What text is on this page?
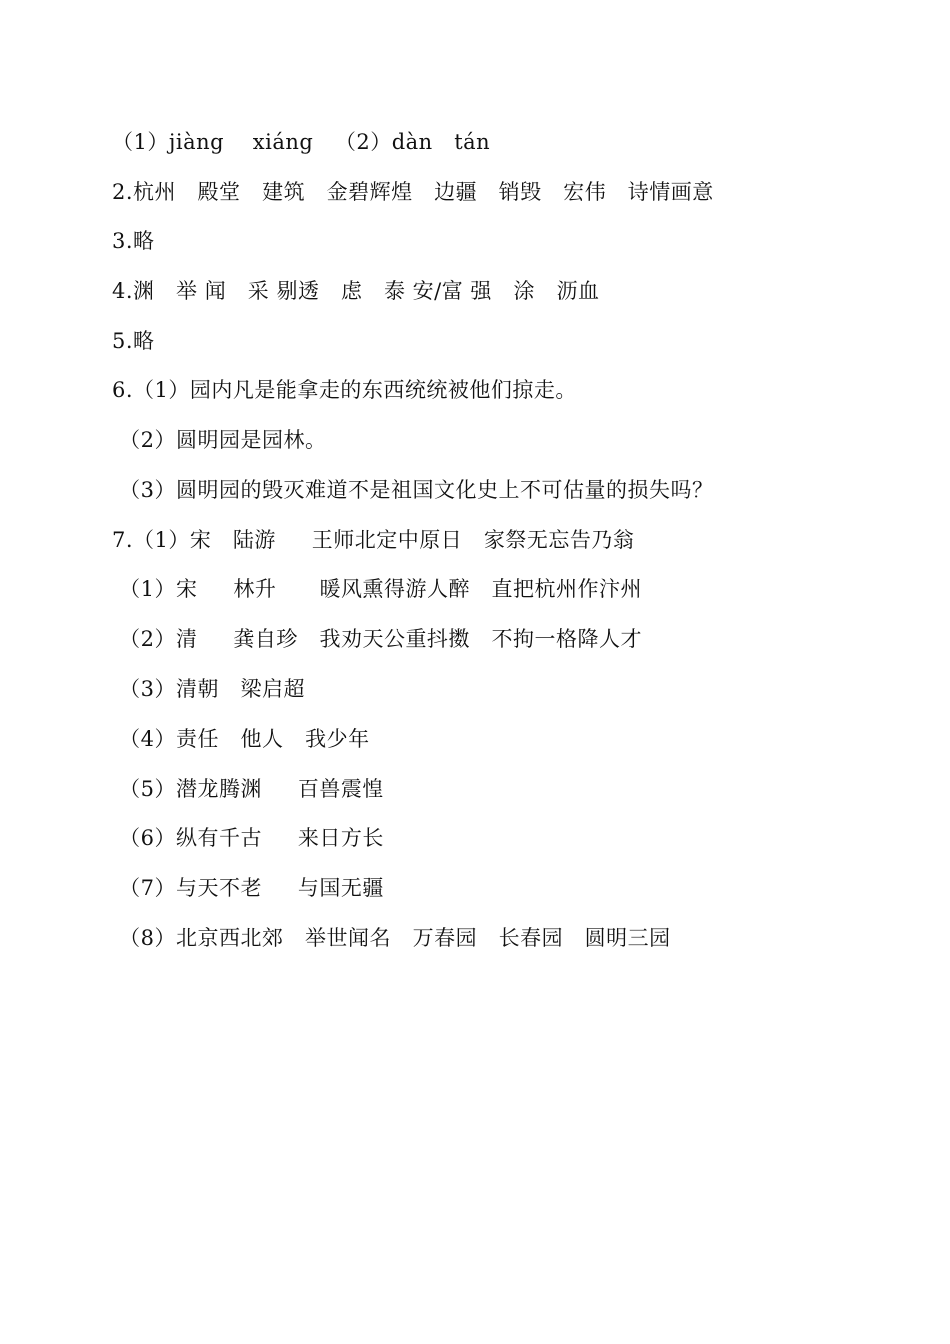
（1）jiàng    xiáng   （2）dàn   tán
2.杭州   殿堂   建筑   金碧辉煌   边疆   销毁   宏伟   诗情画意
3.略
4.渊   举 闻   采 剔透   虑   泰 安/富 强   涂   沥血
5.略
6.（1）园内凡是能拿走的东西统统被他们掠走。
（2）圆明园是园林。
（3）圆明园的毁灭难道不是祖国文化史上不可估量的损失吗？
7.（1）宋   陆游     王师北定中原日   家祭无忘告乃翁
（1）宋     林升      暖风熏得游人醉   直把杭州作汴州
（2）清     龚自珍   我劝天公重抖擞   不拘一格降人才
（3）清朝   梁启超
（4）责任   他人   我少年
（5）潜龙腾渊     百兽震惶
（6）纵有千古     来日方长
（7）与天不老     与国无疆
（8）北京西北郊   举世闻名   万春园   长春园   圆明三园
